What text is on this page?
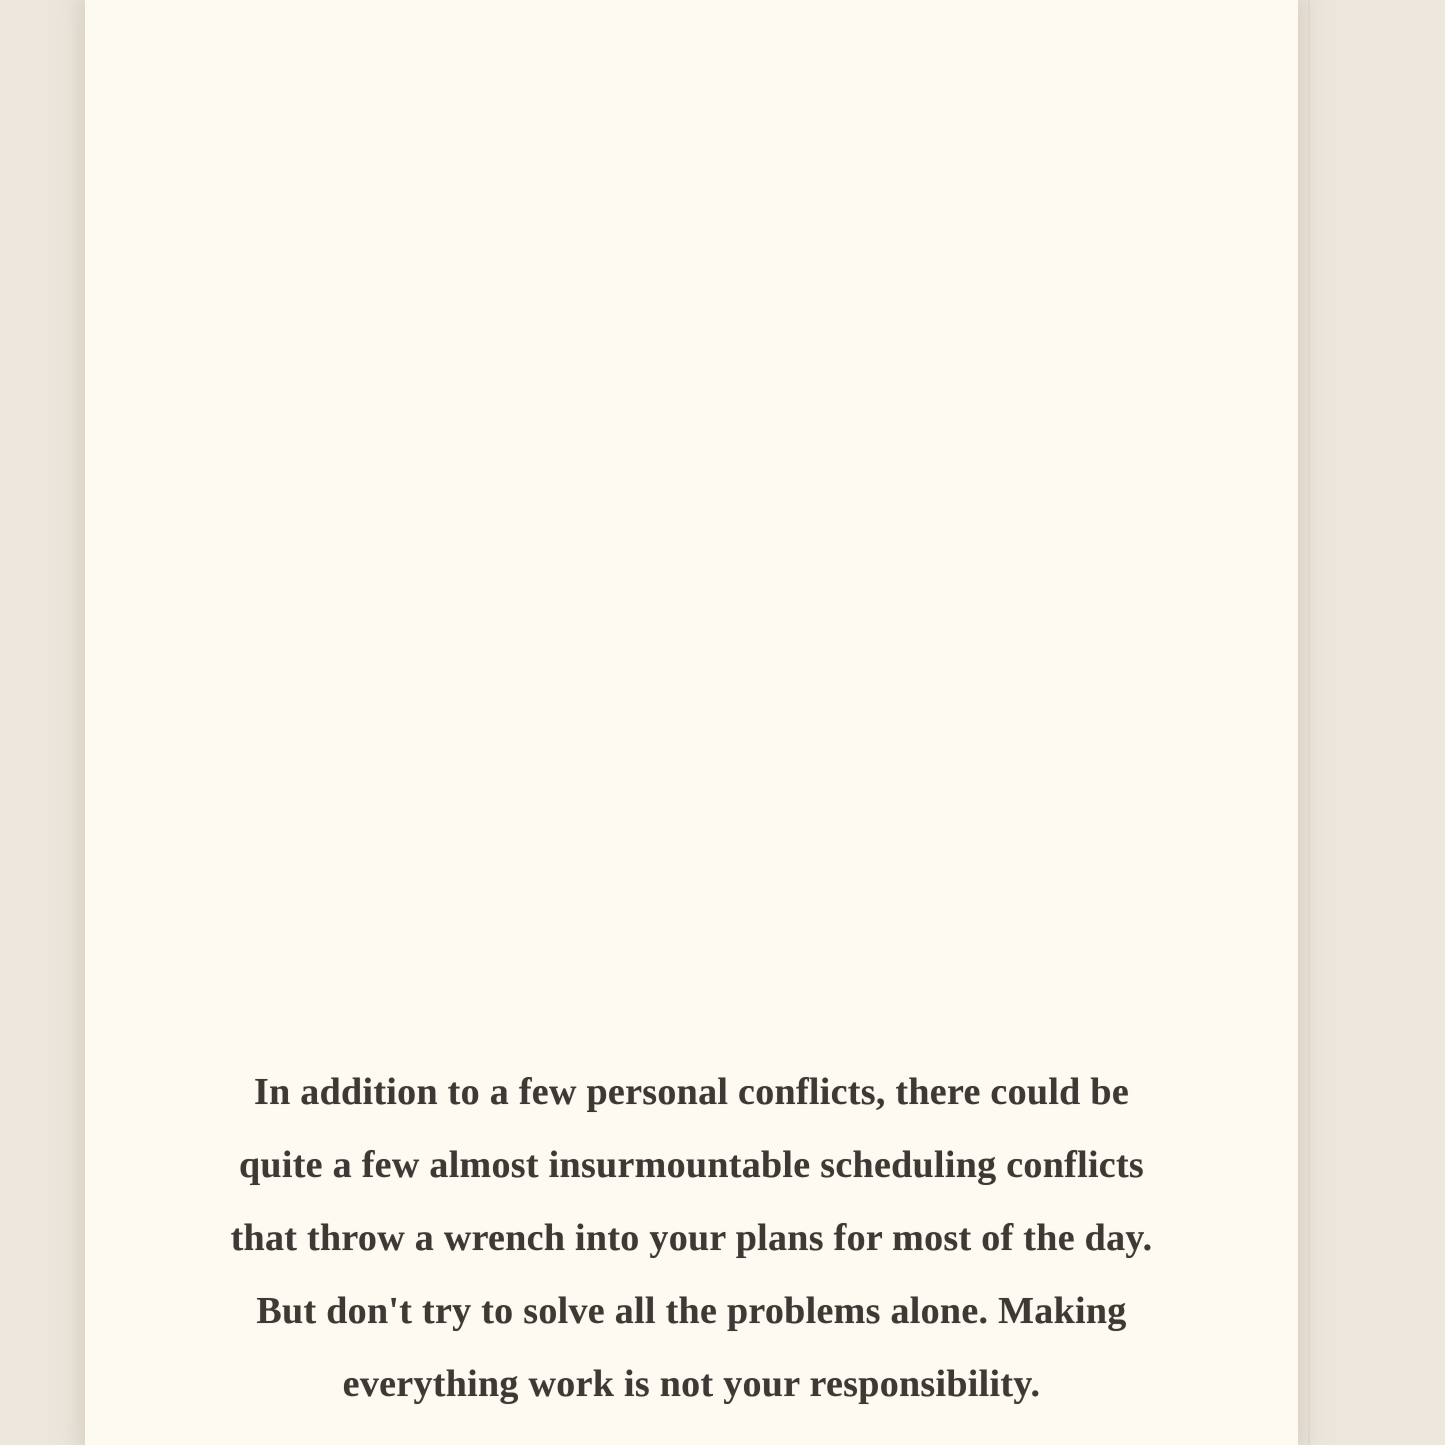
In addition to a few personal conflicts, there could be

quite a few almost insurmountable scheduling conflicts

that throw a wrench into your plans for most of the day.

But don't try to solve all the problems alone. Making

everything work is not your responsibility.
